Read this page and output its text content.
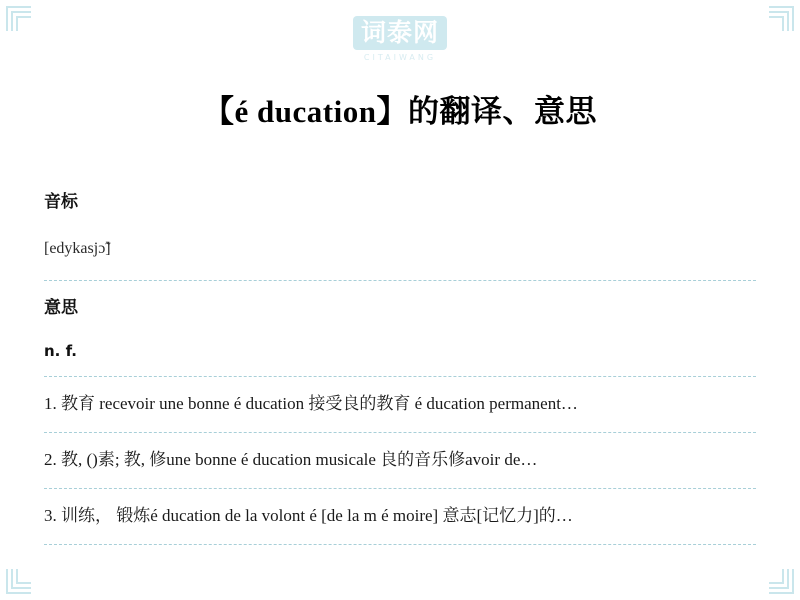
词泰网
CITAIWANG
【é ducation】的翻译、意思
音标

[edykasjɔ̃]

意思

n. f.

1. 教育 recevoir une bonne é ducation 接受良的教育 é ducation permanent…

2. 教, ()素; 教, 修une bonne é ducation musicale 良的音乐修avoir de…

3. 训练， 锻炼é ducation de la volont é [de la m é moire] 意志[记忆力]的…
